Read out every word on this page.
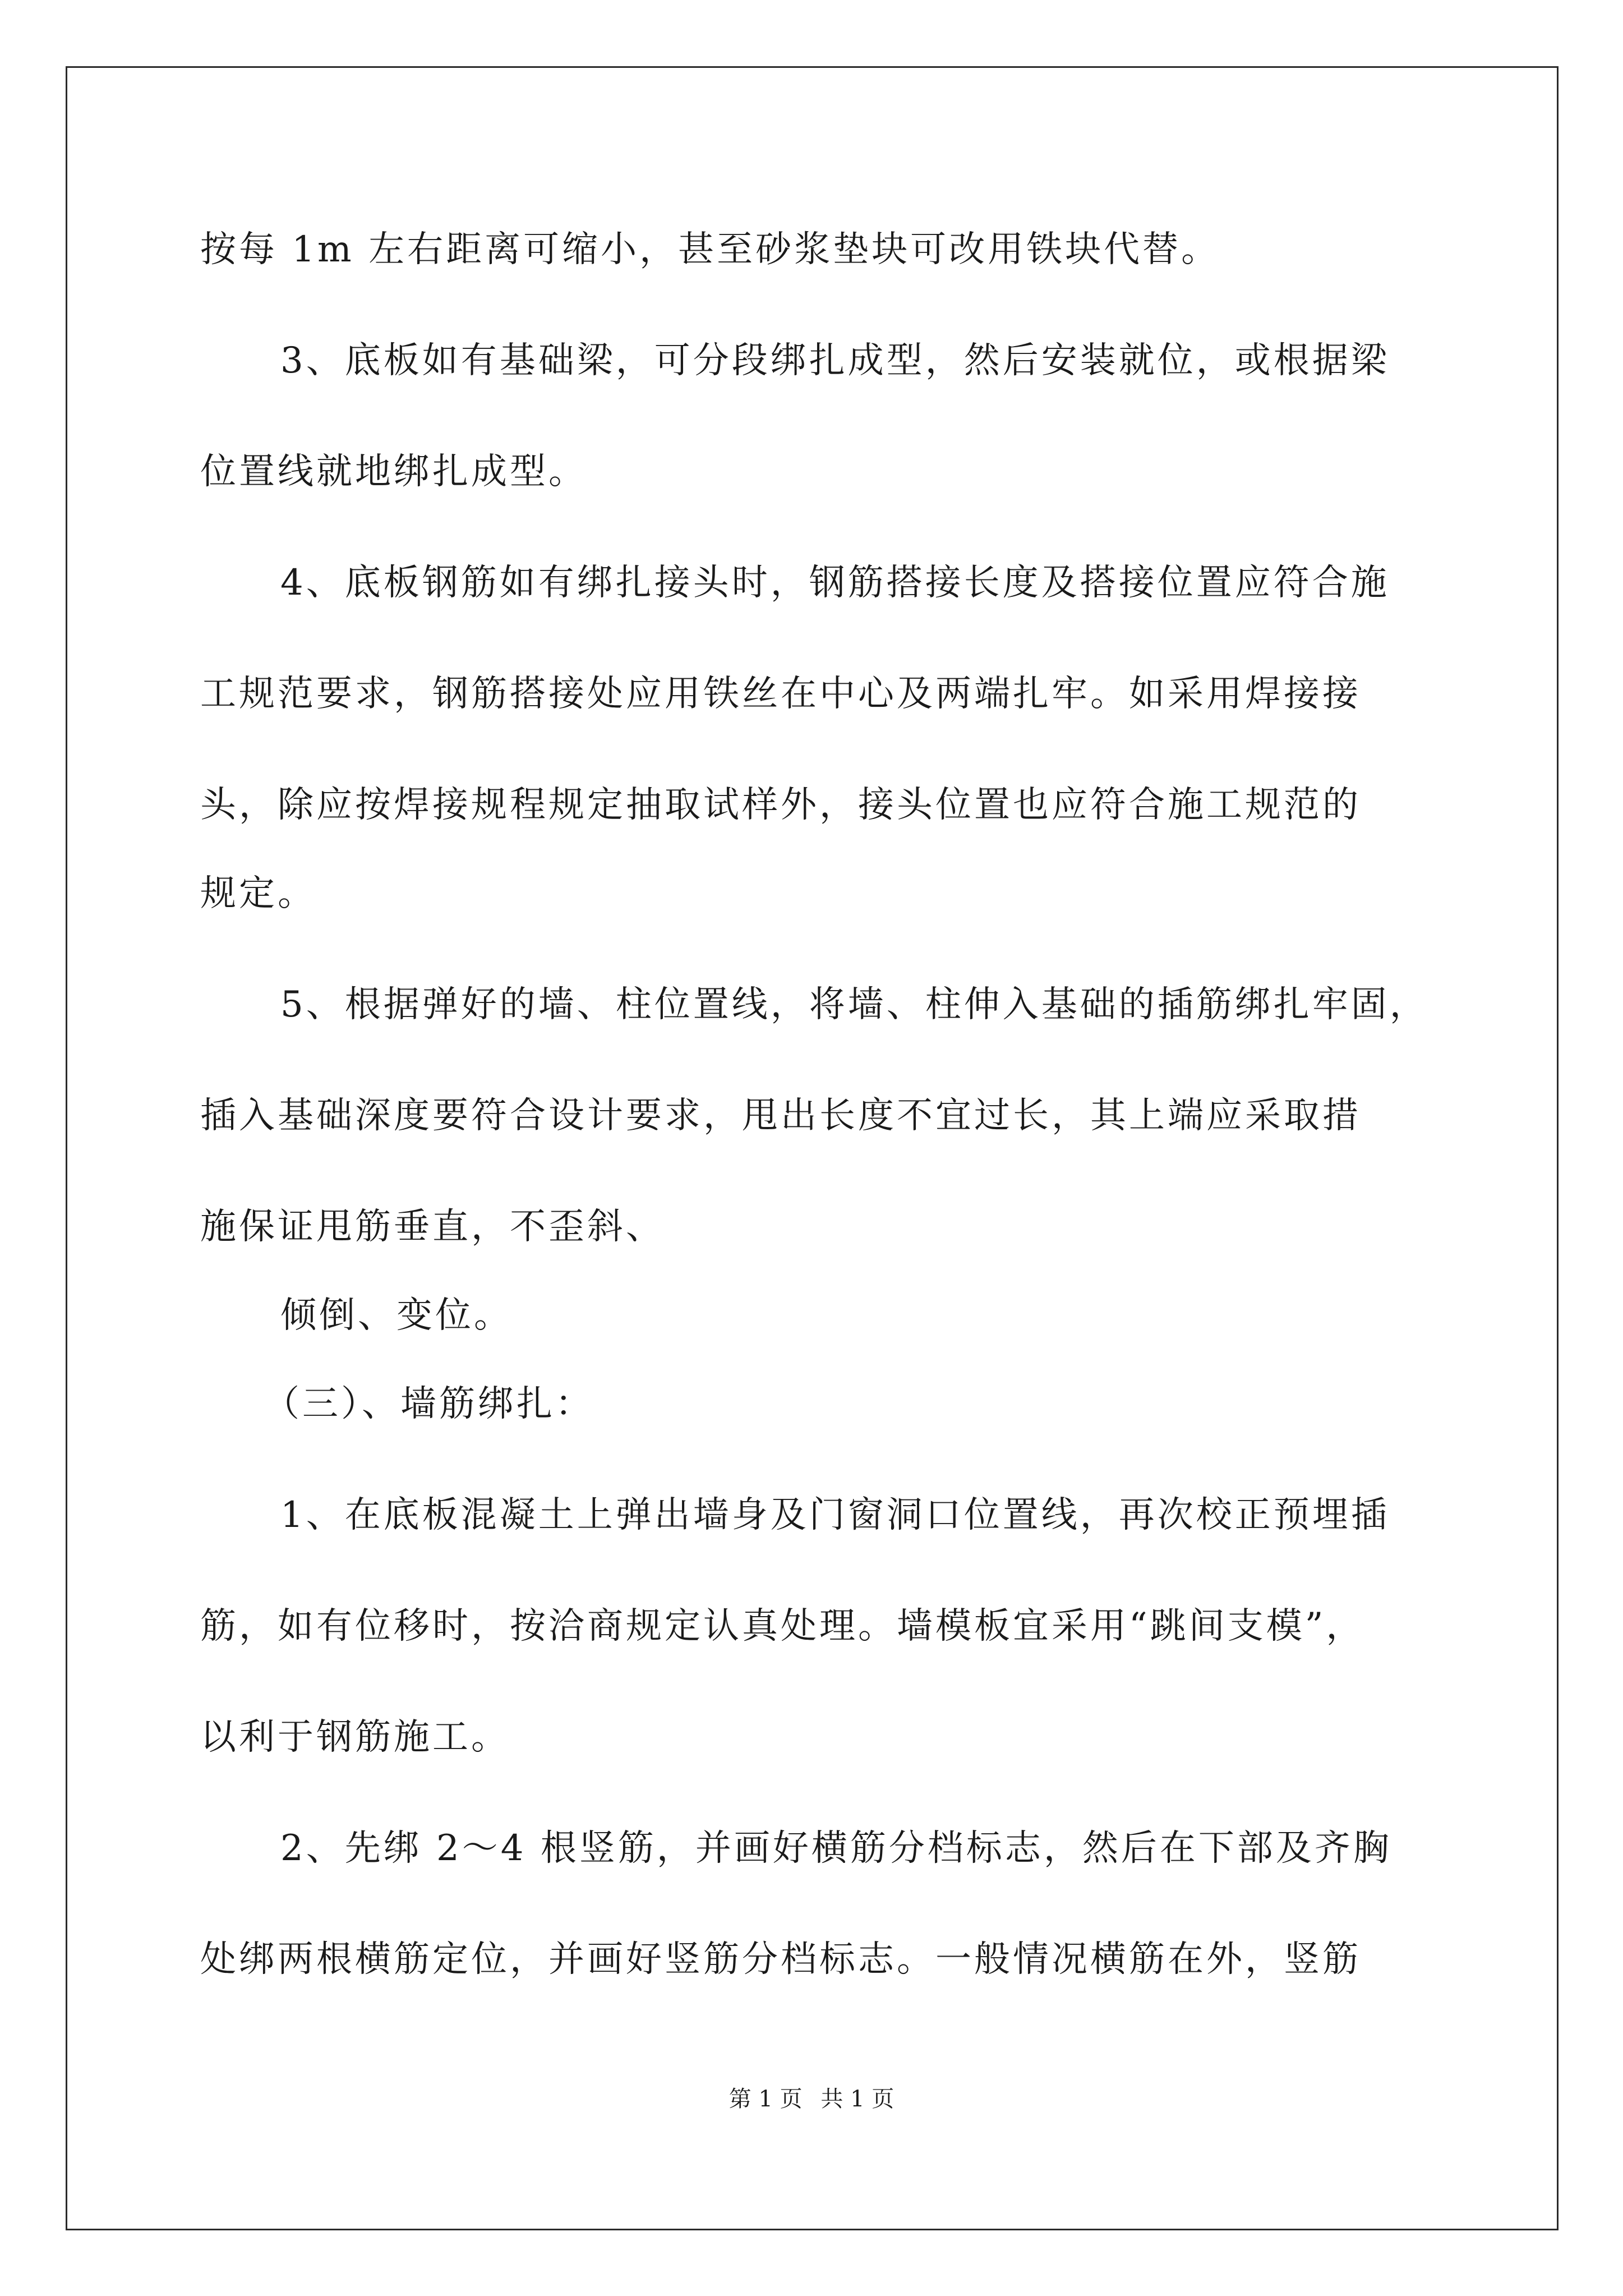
按每 1m 左右距离可缩小，甚至砂浆垫块可改用铁块代替。
3、底板如有基础梁，可分段绑扎成型，然后安装就位，或根据梁
位置线就地绑扎成型。
4、底板钢筋如有绑扎接头时，钢筋搭接长度及搭接位置应符合施
工规范要求，钢筋搭接处应用铁丝在中心及两端扎牢。如采用焊接接
头，除应按焊接规程规定抽取试样外，接头位置也应符合施工规范的
规定。
5、根据弹好的墙、柱位置线，将墙、柱伸入基础的插筋绑扎牢固，
插入基础深度要符合设计要求，甩出长度不宜过长，其上端应采取措
施保证甩筋垂直，不歪斜、
倾倒、变位。
（三）、墙筋绑扎：
1、在底板混凝土上弹出墙身及门窗洞口位置线，再次校正预埋插
筋，如有位移时，按洽商规定认真处理。墙模板宜采用“跳间支模”，
以利于钢筋施工。
2、先绑 2～4 根竖筋，并画好横筋分档标志，然后在下部及齐胸
处绑两根横筋定位，并画好竖筋分档标志。一般情况横筋在外，竖筋
第 1 页 共 1 页
